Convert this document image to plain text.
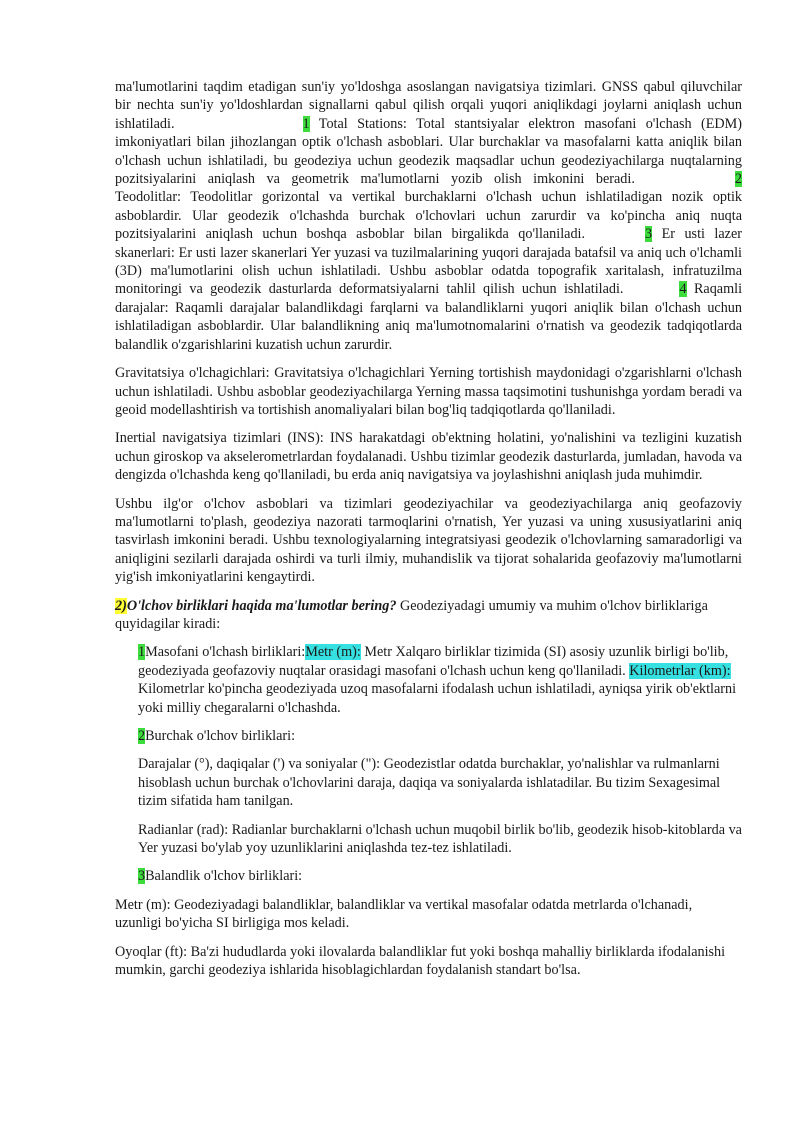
ma'lumotlarini taqdim etadigan sun'iy yo'ldoshga asoslangan navigatsiya tizimlari. GNSS qabul qiluvchilar bir nechta sun'iy yo'ldoshlardan signallarni qabul qilish orqali yuqori aniqlikdagi joylarni aniqlash uchun ishlatiladi.	1 Total Stations: Total stantsiyalar elektron masofani o'lchash (EDM) imkoniyatlari bilan jihozlangan optik o'lchash asboblari. Ular burchaklar va masofalarni katta aniqlik bilan o'lchash uchun ishlatiladi, bu geodeziya uchun geodezik maqsadlar uchun geodeziyachilarga nuqtalarning pozitsiyalarini aniqlash va geometrik ma'lumotlarni yozib olish imkonini beradi.	2 Teodolitlar: Teodolitlar gorizontal va vertikal burchaklarni o'lchash uchun ishlatiladigan nozik optik asboblardir. Ular geodezik o'lchashda burchak o'lchovlari uchun zarurdir va ko'pincha aniq nuqta pozitsiyalarini aniqlash uchun boshqa asboblar bilan birgalikda qo'llaniladi.	3 Er usti lazer skanerlari: Er usti lazer skanerlari Yer yuzasi va tuzilmalarining yuqori darajada batafsil va aniq uch o'lchamli (3D) ma'lumotlarini olish uchun ishlatiladi. Ushbu asboblar odatda topografik xaritalash, infratuzilma monitoringi va geodezik dasturlarda deformatsiyalarni tahlil qilish uchun ishlatiladi.	4 Raqamli darajalar: Raqamli darajalar balandlikdagi farqlarni va balandliklarni yuqori aniqlik bilan o'lchash uchun ishlatiladigan asboblardir. Ular balandlikning aniq ma'lumotnomalarini o'rnatish va geodezik tadqiqotlarda balandlik o'zgarishlarini kuzatish uchun zarurdir.

Gravitatsiya o'lchagichlari: Gravitatsiya o'lchagichlari Yerning tortishish maydonidagi o'zgarishlarni o'lchash uchun ishlatiladi. Ushbu asboblar geodeziyachilarga Yerning massa taqsimotini tushunishga yordam beradi va geoid modellashtirish va tortishish anomaliyalari bilan bog'liq tadqiqotlarda qo'llaniladi.

Inertial navigatsiya tizimlari (INS): INS harakatdagi ob'ektning holatini, yo'nalishini va tezligini kuzatish uchun giroskop va akselerometrlardan foydalanadi. Ushbu tizimlar geodezik dasturlarda, jumladan, havoda va dengizda o'lchashda keng qo'llaniladi, bu erda aniq navigatsiya va joylashishni aniqlash juda muhimdir.

Ushbu ilg'or o'lchov asboblari va tizimlari geodeziyachilar va geodeziyachilarga aniq geofazoviy ma'lumotlarni to'plash, geodeziya nazorati tarmoqlarini o'rnatish, Yer yuzasi va uning xususiyatlarini aniq tasvirlash imkonini beradi. Ushbu texnologiyalarning integratsiyasi geodezik o'lchovlarning samaradorligi va aniqligini sezilarli darajada oshirdi va turli ilmiy, muhandislik va tijorat sohalarida geofazoviy ma'lumotlarni yig'ish imkoniyatlarini kengaytirdi.

2)O'lchov birliklari haqida ma'lumotlar bering? Geodeziyadagi umumiy va muhim o'lchov birliklariga quyidagilar kiradi:

1Masofani o'lchash birliklari:Metr (m): Metr Xalqaro birliklar tizimida (SI) asosiy uzunlik birligi bo'lib, geodeziyada geofazoviy nuqtalar orasidagi masofani o'lchash uchun keng qo'llaniladi. Kilometrlar (km): Kilometrlar ko'pincha geodeziyada uzoq masofalarni ifodalash uchun ishlatiladi, ayniqsa yirik ob'ektlarni yoki milliy chegaralarni o'lchashda.

2Burchak o'lchov birliklari:

Darajalar (°), daqiqalar (') va soniyalar ("): Geodezistlar odatda burchaklar, yo'nalishlar va rulmanlarni hisoblash uchun burchak o'lchovlarini daraja, daqiqa va soniyalarda ishlatadilar. Bu tizim Sexagesimal tizim sifatida ham tanilgan.

Radianlar (rad): Radianlar burchaklarni o'lchash uchun muqobil birlik bo'lib, geodezik hisob-kitoblarda va Yer yuzasi bo'ylab yoy uzunliklarini aniqlashda tez-tez ishlatiladi.

3Balandlik o'lchov birliklari:

Metr (m): Geodeziyadagi balandliklar, balandliklar va vertikal masofalar odatda metrlarda o'lchanadi, uzunligi bo'yicha SI birligiga mos keladi.

Oyoqlar (ft): Ba'zi hududlarda yoki ilovalarda balandliklar fut yoki boshqa mahalliy birliklarda ifodalanishi mumkin, garchi geodeziya ishlarida hisoblagichlardan foydalanish standart bo'lsa.
